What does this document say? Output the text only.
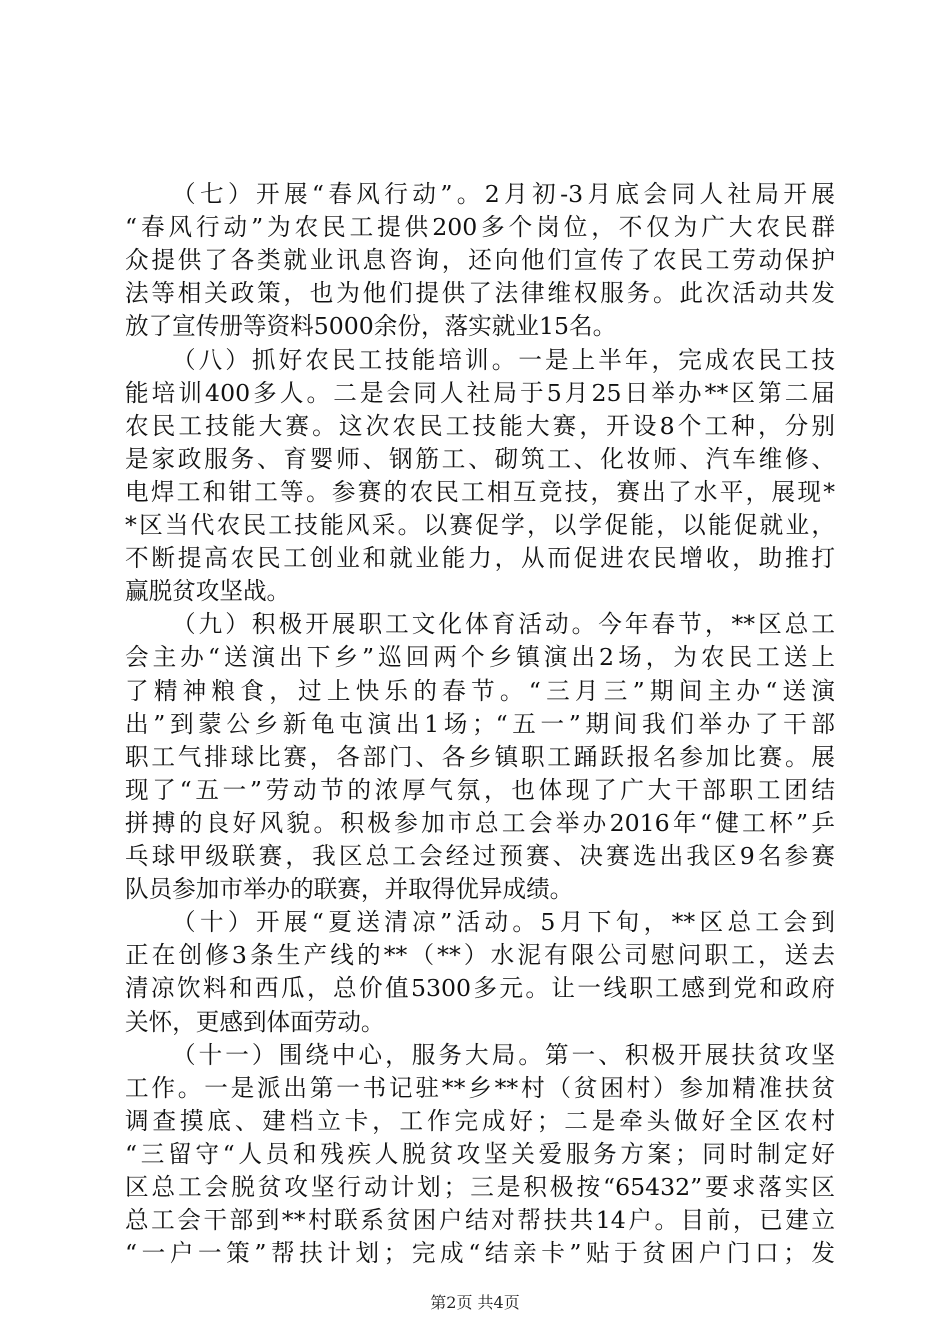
（七）开展“春风行动”。2月初-3月底会同人社局开展
“春风行动”为农民工提供200多个岗位，不仅为广大农民群
众提供了各类就业讯息咨询，还向他们宣传了农民工劳动保护
法等相关政策，也为他们提供了法律维权服务。此次活动共发
放了宣传册等资料5000余份，落实就业15名。
（八）抓好农民工技能培训。一是上半年，完成农民工技
能培训400多人。二是会同人社局于5月25日举办**区第二届
农民工技能大赛。这次农民工技能大赛，开设8个工种，分别
是家政服务、育婴师、钢筋工、砌筑工、化妆师、汽车维修、
电焊工和钳工等。参赛的农民工相互竞技，赛出了水平，展现*
*区当代农民工技能风采。以赛促学，以学促能，以能促就业，
不断提高农民工创业和就业能力，从而促进农民增收，助推打
赢脱贫攻坚战。
（九）积极开展职工文化体育活动。今年春节，**区总工
会主办“送演出下乡”巡回两个乡镇演出2场，为农民工送上
了精神粮食，过上快乐的春节。“三月三”期间主办“送演
出”到蒙公乡新龟屯演出1场；“五一”期间我们举办了干部
职工气排球比赛，各部门、各乡镇职工踊跃报名参加比赛。展
现了“五一”劳动节的浓厚气氛，也体现了广大干部职工团结
拼搏的良好风貌。积极参加市总工会举办2016年“健工杯”乒
乓球甲级联赛，我区总工会经过预赛、决赛选出我区9名参赛
队员参加市举办的联赛，并取得优异成绩。
（十）开展“夏送清凉”活动。5月下旬，**区总工会到
正在创修3条生产线的**（**）水泥有限公司慰问职工，送去
清凉饮料和西瓜，总价值5300多元。让一线职工感到党和政府
关怀，更感到体面劳动。
（十一）围绕中心，服务大局。第一、积极开展扶贫攻坚
工作。一是派出第一书记驻**乡**村（贫困村）参加精准扶贫
调查摸底、建档立卡，工作完成好；二是牵头做好全区农村
“三留守“人员和残疾人脱贫攻坚关爱服务方案；同时制定好
区总工会脱贫攻坚行动计划；三是积极按“65432”要求落实区
总工会干部到**村联系贫困户结对帮扶共14户。目前，已建立
“一户一策”帮扶计划；完成“结亲卡”贴于贫困户门口；发
第2页 共4页
